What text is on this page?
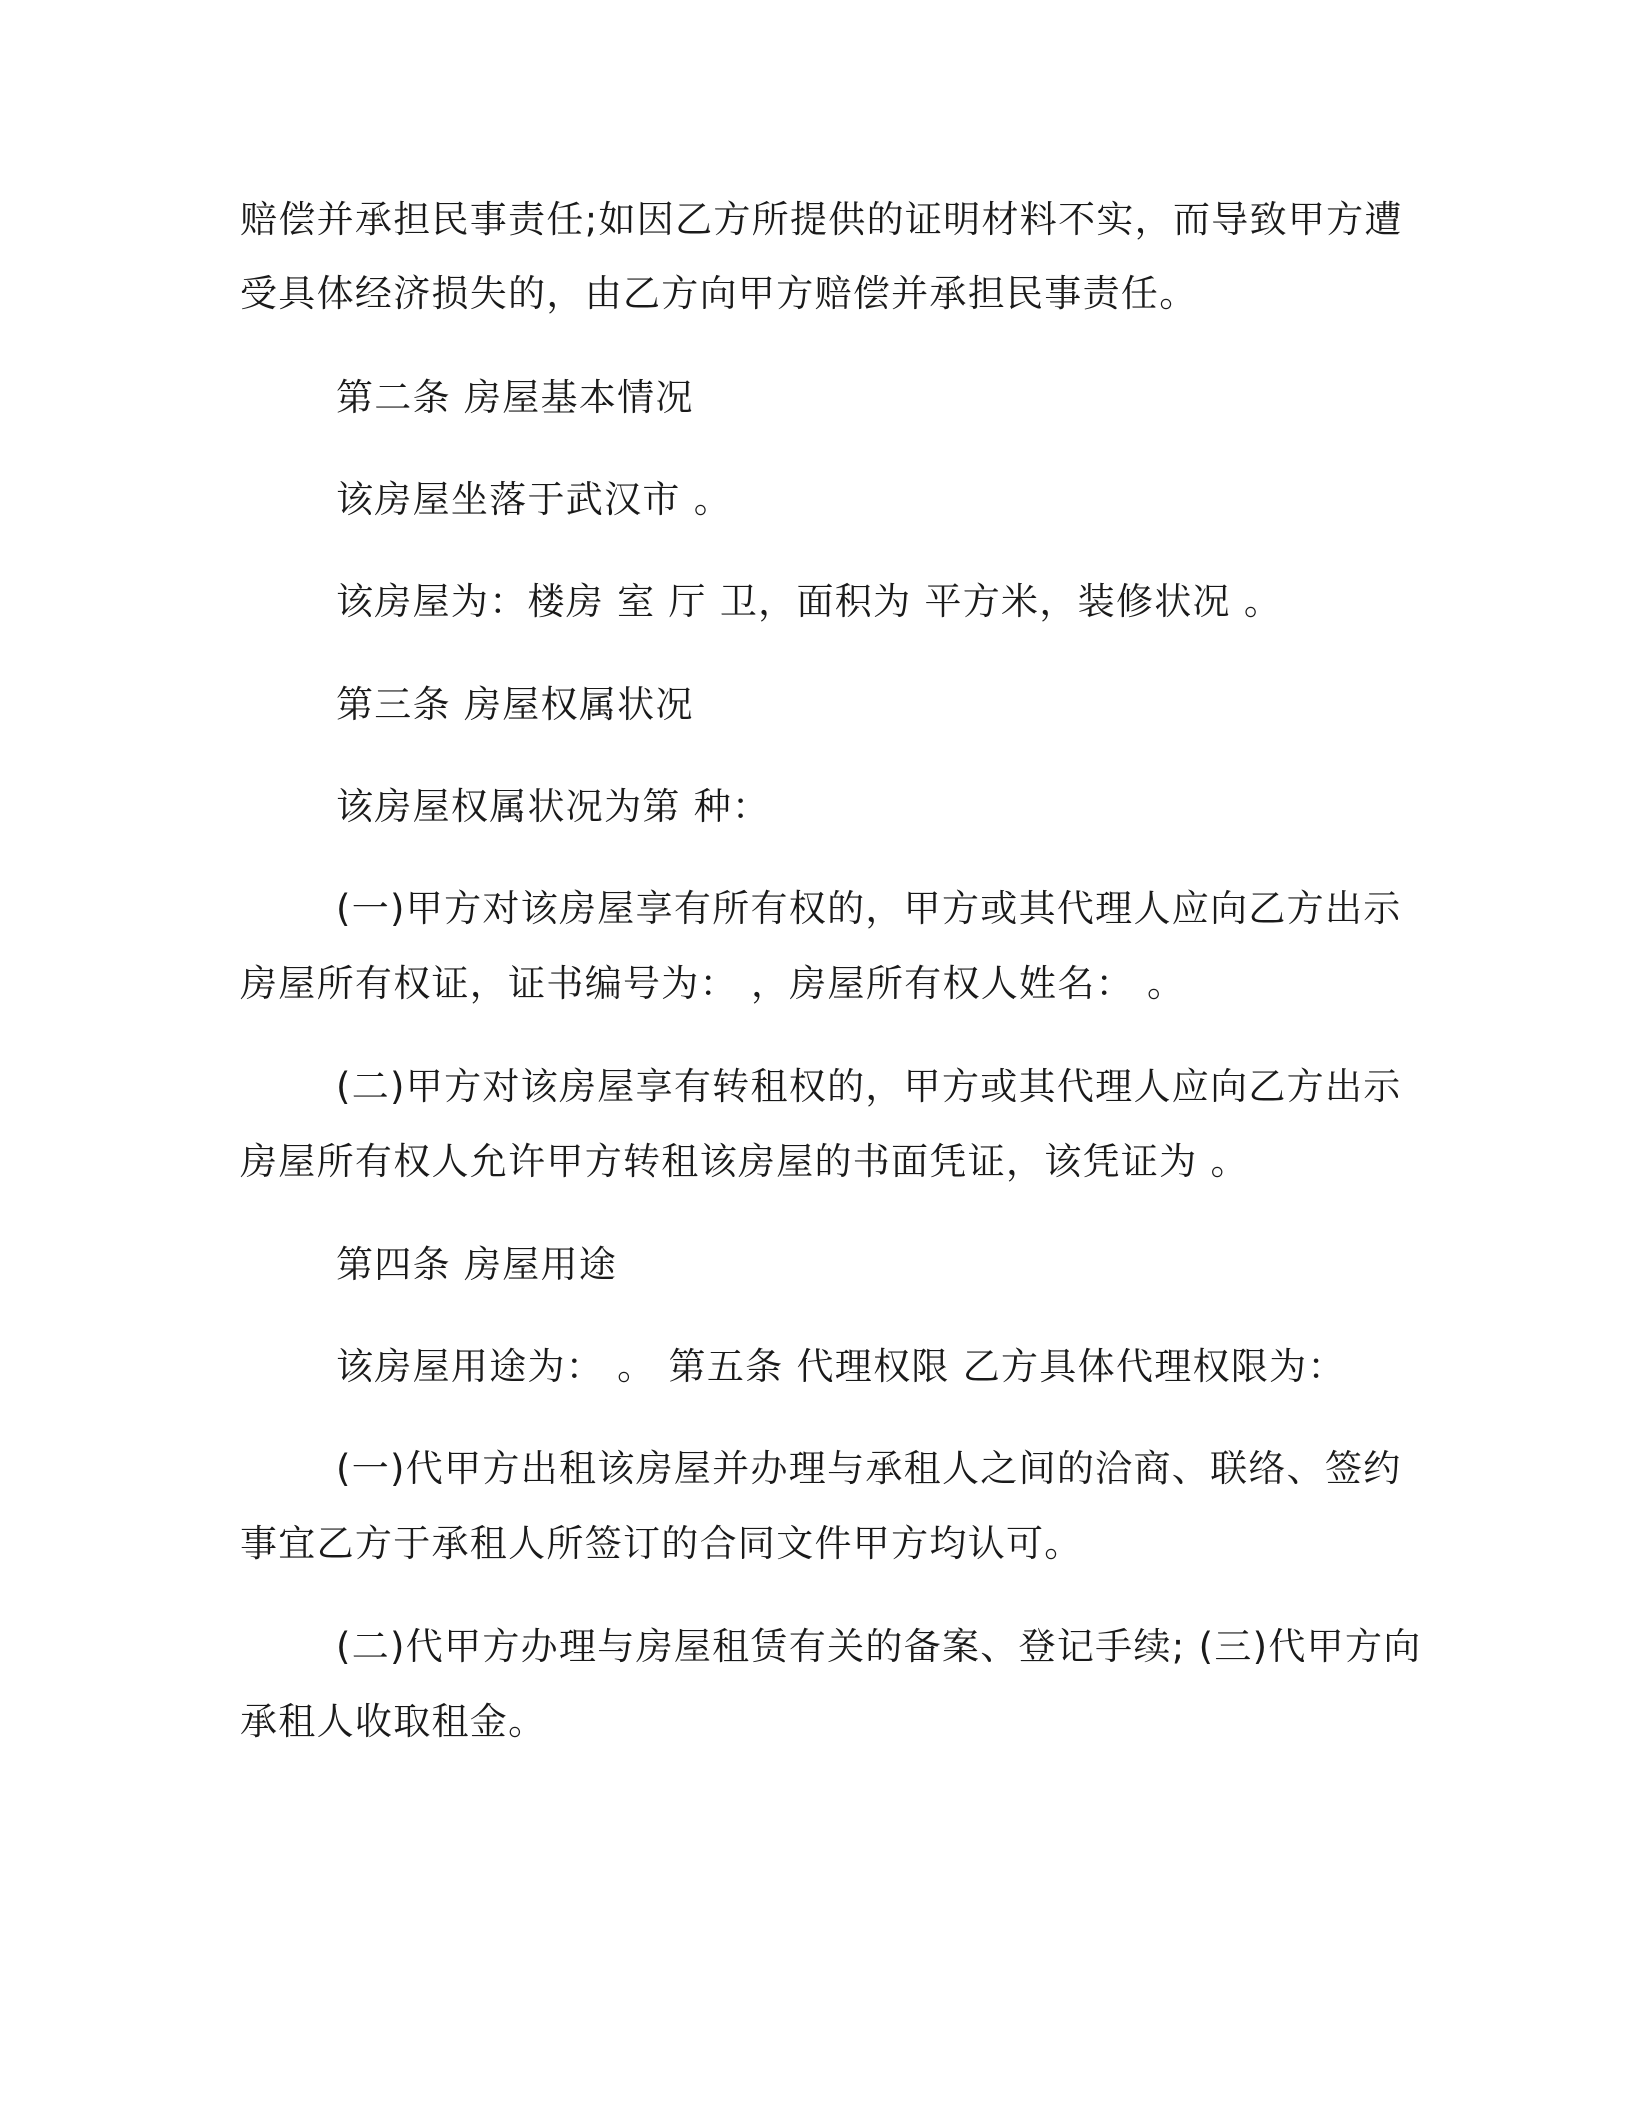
赔偿并承担民事责任;如因乙方所提供的证明材料不实，而导致甲方遭

受具体经济损失的，由乙方向甲方赔偿并承担民事责任。

第二条 房屋基本情况

该房屋坐落于武汉市 。

该房屋为：楼房 室 厅 卫，面积为 平方米，装修状况 。

第三条 房屋权属状况

该房屋权属状况为第 种：

(一)甲方对该房屋享有所有权的，甲方或其代理人应向乙方出示

房屋所有权证，证书编号为： ，房屋所有权人姓名： 。

(二)甲方对该房屋享有转租权的，甲方或其代理人应向乙方出示

房屋所有权人允许甲方转租该房屋的书面凭证，该凭证为 。

第四条 房屋用途

该房屋用途为： 。 第五条 代理权限 乙方具体代理权限为：

(一)代甲方出租该房屋并办理与承租人之间的洽商、联络、签约

事宜乙方于承租人所签订的合同文件甲方均认可。

(二)代甲方办理与房屋租赁有关的备案、登记手续; (三)代甲方向

承租人收取租金。
